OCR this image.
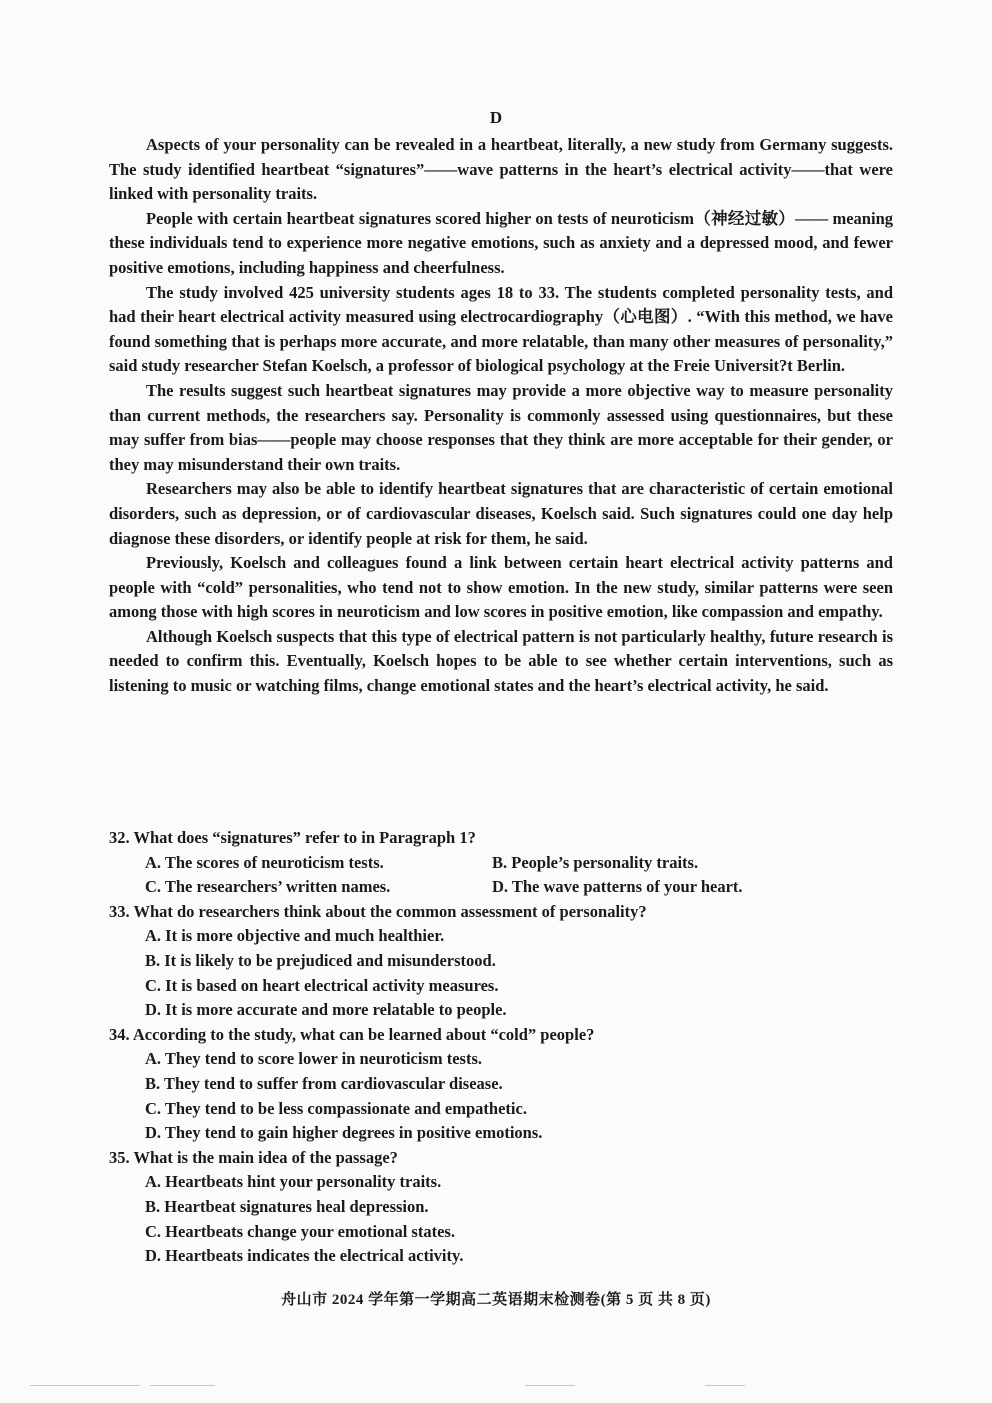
D

Aspects of your personality can be revealed in a heartbeat, literally, a new study from Germany suggests. The study identified heartbeat “signatures”——wave patterns in the heart’s electrical activity——that were linked with personality traits.

People with certain heartbeat signatures scored higher on tests of neuroticism（神经过敏）—— meaning these individuals tend to experience more negative emotions, such as anxiety and a depressed mood, and fewer positive emotions, including happiness and cheerfulness.

The study involved 425 university students ages 18 to 33. The students completed personality tests, and had their heart electrical activity measured using electrocardiography（心电图）. “With this method, we have found something that is perhaps more accurate, and more relatable, than many other measures of personality,” said study researcher Stefan Koelsch, a professor of biological psychology at the Freie Universit?t Berlin.

The results suggest such heartbeat signatures may provide a more objective way to measure personality than current methods, the researchers say. Personality is commonly assessed using questionnaires, but these may suffer from bias——people may choose responses that they think are more acceptable for their gender, or they may misunderstand their own traits.

Researchers may also be able to identify heartbeat signatures that are characteristic of certain emotional disorders, such as depression, or of cardiovascular diseases, Koelsch said. Such signatures could one day help diagnose these disorders, or identify people at risk for them, he said.

Previously, Koelsch and colleagues found a link between certain heart electrical activity patterns and people with “cold” personalities, who tend not to show emotion. In the new study, similar patterns were seen among those with high scores in neuroticism and low scores in positive emotion, like compassion and empathy.

Although Koelsch suspects that this type of electrical pattern is not particularly healthy, future research is needed to confirm this. Eventually, Koelsch hopes to be able to see whether certain interventions, such as listening to music or watching films, change emotional states and the heart’s electrical activity, he said.

32. What does “signatures” refer to in Paragraph 1?
A. The scores of neuroticism tests.	B. People’s personality traits.
C. The researchers’ written names.	D. The wave patterns of your heart.
33. What do researchers think about the common assessment of personality?
A. It is more objective and much healthier.
B. It is likely to be prejudiced and misunderstood.
C. It is based on heart electrical activity measures.
D. It is more accurate and more relatable to people.
34. According to the study, what can be learned about “cold” people?
A. They tend to score lower in neuroticism tests.
B. They tend to suffer from cardiovascular disease.
C. They tend to be less compassionate and empathetic.
D. They tend to gain higher degrees in positive emotions.
35. What is the main idea of the passage?
A. Heartbeats hint your personality traits.
B. Heartbeat signatures heal depression.
C. Heartbeats change your emotional states.
D. Heartbeats indicates the electrical activity.
舟山市 2024 学年第一学期高二英语期末检测卷(第 5 页 共 8 页)
